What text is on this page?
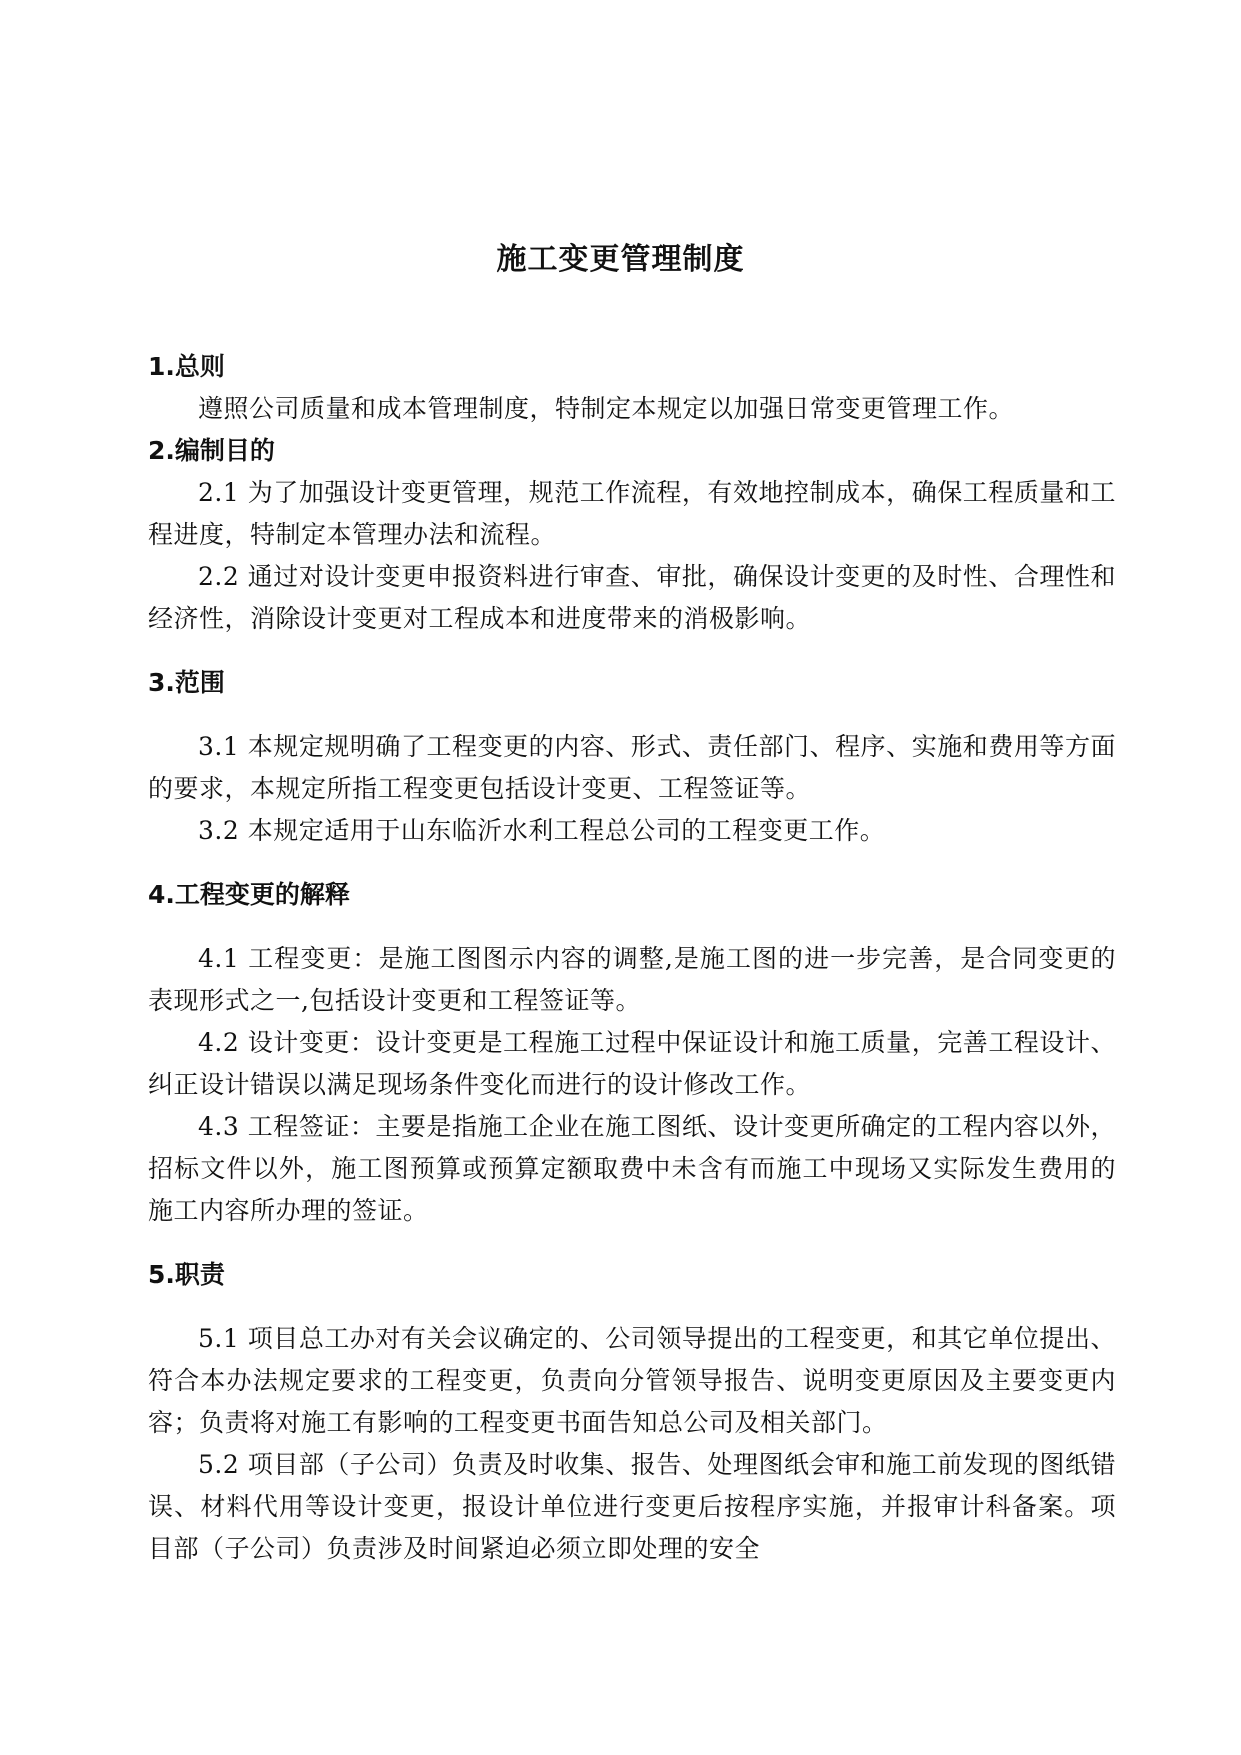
施工变更管理制度

1.总则

遵照公司质量和成本管理制度，特制定本规定以加强日常变更管理工作。

2.编制目的

2.1 为了加强设计变更管理，规范工作流程，有效地控制成本，确保工程质量和工程进度，特制定本管理办法和流程。

2.2 通过对设计变更申报资料进行审查、审批，确保设计变更的及时性、合理性和经济性，消除设计变更对工程成本和进度带来的消极影响。

3.范围

3.1 本规定规明确了工程变更的内容、形式、责任部门、程序、实施和费用等方面的要求，本规定所指工程变更包括设计变更、工程签证等。

3.2 本规定适用于山东临沂水利工程总公司的工程变更工作。

4.工程变更的解释

4.1 工程变更：是施工图图示内容的调整,是施工图的进一步完善，是合同变更的表现形式之一,包括设计变更和工程签证等。

4.2 设计变更：设计变更是工程施工过程中保证设计和施工质量，完善工程设计、纠正设计错误以满足现场条件变化而进行的设计修改工作。

4.3 工程签证：主要是指施工企业在施工图纸、设计变更所确定的工程内容以外，招标文件以外，施工图预算或预算定额取费中未含有而施工中现场又实际发生费用的施工内容所办理的签证。

5.职责

5.1 项目总工办对有关会议确定的、公司领导提出的工程变更，和其它单位提出、符合本办法规定要求的工程变更，负责向分管领导报告、说明变更原因及主要变更内容；负责将对施工有影响的工程变更书面告知总公司及相关部门。

5.2 项目部（子公司）负责及时收集、报告、处理图纸会审和施工前发现的图纸错误、材料代用等设计变更，报设计单位进行变更后按程序实施，并报审计科备案。项目部（子公司）负责涉及时间紧迫必须立即处理的安全
